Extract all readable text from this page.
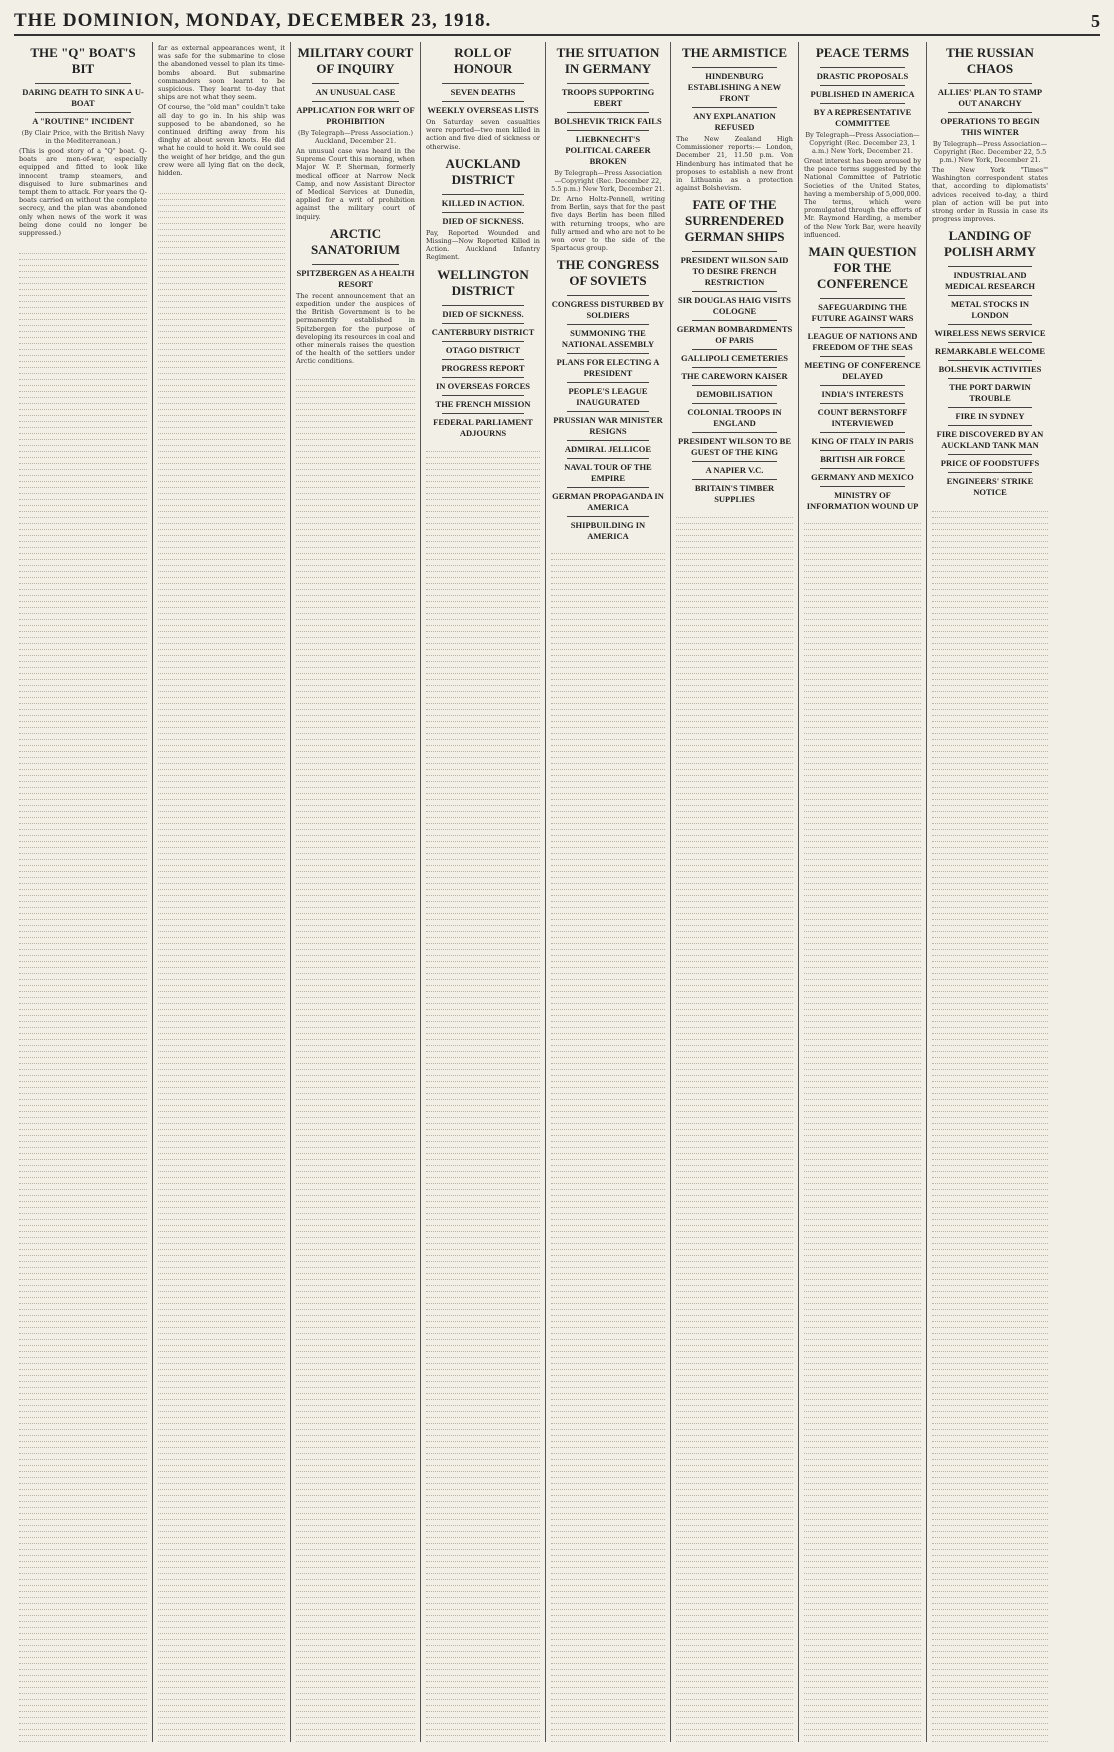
THE DOMINION, MONDAY, DECEMBER 23, 1918.	5
THE "Q" BOAT'S BIT
DARING DEATH TO SINK A U-BOAT
A "ROUTINE" INCIDENT
(By Clair Price, with the British Navy in the Mediterranean.)
(This is good story of a "Q" boat. Q-boats are men-of-war, especially equipped and fitted to look like innocent tramp steamers, and disguised to lure submarines and tempt them to attack. For years the Q-boats carried on without the complete secrecy, and the plan was abandoned only when news of the work it was being done could no longer be suppressed.)
far as external appearances went, it was safe for the submarine to close the abandoned vessel to plan its time-bombs aboard. But submarine commanders soon learnt to be suspicious. They learnt to-day that ships are not what they seem.
Of course, the "old man" couldn't take all day to go in. In his ship was supposed to be abandoned, so he continued drifting away from his dinghy at about seven knots. He did what he could to hold it. We could see the weight of her bridge, and the gun crew were all lying flat on the deck, hidden.
MILITARY COURT OF INQUIRY
AN UNUSUAL CASE
APPLICATION FOR WRIT OF PROHIBITION
(By Telegraph—Press Association.) Auckland, December 21.
An unusual case was heard in the Supreme Court this morning, when Major W. P. Sherman, formerly medical officer at Narrow Neck Camp, and now Assistant Director of Medical Services at Dunedin, applied for a writ of prohibition against the military court of inquiry.
ARCTIC SANATORIUM
SPITZBERGEN AS A HEALTH RESORT
The recent announcement that an expedition under the auspices of the British Government is to be permanently established in Spitzbergen for the purpose of developing its resources in coal and other minerals raises the question of the health of the settlers under Arctic conditions.
ROLL OF HONOUR
SEVEN DEATHS
WEEKLY OVERSEAS LISTS
On Saturday seven casualties were reported—two men killed in action and five died of sickness or otherwise.
AUCKLAND DISTRICT
KILLED IN ACTION.
DIED OF SICKNESS.
Pay, Reported Wounded and Missing—Now Reported Killed in Action. Auckland Infantry Regiment.
WELLINGTON DISTRICT
DIED OF SICKNESS.
CANTERBURY DISTRICT
OTAGO DISTRICT
PROGRESS REPORT
IN OVERSEAS FORCES
THE FRENCH MISSION
FEDERAL PARLIAMENT ADJOURNS
THE SITUATION IN GERMANY
TROOPS SUPPORTING EBERT
BOLSHEVIK TRICK FAILS
LIEBKNECHT'S POLITICAL CAREER BROKEN
By Telegraph—Press Association—Copyright (Rec. December 22, 5.5 p.m.) New York, December 21.
Dr. Arno Holtz-Pennell, writing from Berlin, says that for the past five days Berlin has been filled with returning troops, who are fully armed and who are not to be won over to the side of the Spartacus group.
THE CONGRESS OF SOVIETS
CONGRESS DISTURBED BY SOLDIERS
SUMMONING THE NATIONAL ASSEMBLY
PLANS FOR ELECTING A PRESIDENT
PEOPLE'S LEAGUE INAUGURATED
PRUSSIAN WAR MINISTER RESIGNS
ADMIRAL JELLICOE
NAVAL TOUR OF THE EMPIRE
GERMAN PROPAGANDA IN AMERICA
SHIPBUILDING IN AMERICA
THE ARMISTICE
HINDENBURG ESTABLISHING A NEW FRONT
ANY EXPLANATION REFUSED
The New Zealand High Commissioner reports:— London, December 21, 11.50 p.m. Von Hindenburg has intimated that he proposes to establish a new front in Lithuania as a protection against Bolshevism.
FATE OF THE SURRENDERED GERMAN SHIPS
PRESIDENT WILSON SAID TO DESIRE FRENCH RESTRICTION
SIR DOUGLAS HAIG VISITS COLOGNE
GERMAN BOMBARDMENTS OF PARIS
GALLIPOLI CEMETERIES
THE CAREWORN KAISER
DEMOBILISATION
COLONIAL TROOPS IN ENGLAND
PRESIDENT WILSON TO BE GUEST OF THE KING
A NAPIER V.C.
BRITAIN'S TIMBER SUPPLIES
PEACE TERMS
DRASTIC PROPOSALS
PUBLISHED IN AMERICA
BY A REPRESENTATIVE COMMITTEE
By Telegraph—Press Association—Copyright (Rec. December 23, 1 a.m.) New York, December 21.
Great interest has been aroused by the peace terms suggested by the National Committee of Patriotic Societies of the United States, having a membership of 5,000,000. The terms, which were promulgated through the efforts of Mr. Raymond Harding, a member of the New York Bar, were heavily influenced.
MAIN QUESTION FOR THE CONFERENCE
SAFEGUARDING THE FUTURE AGAINST WARS
LEAGUE OF NATIONS AND FREEDOM OF THE SEAS
MEETING OF CONFERENCE DELAYED
INDIA'S INTERESTS
COUNT BERNSTORFF INTERVIEWED
KING OF ITALY IN PARIS
BRITISH AIR FORCE
GERMANY AND MEXICO
MINISTRY OF INFORMATION WOUND UP
THE RUSSIAN CHAOS
ALLIES' PLAN TO STAMP OUT ANARCHY
OPERATIONS TO BEGIN THIS WINTER
By Telegraph—Press Association—Copyright (Rec. December 22, 5.5 p.m.) New York, December 21.
The New York "Times'" Washington correspondent states that, according to diplomatists' advices received to-day, a third plan of action will be put into strong order in Russia in case its progress improves.
LANDING OF POLISH ARMY
INDUSTRIAL AND MEDICAL RESEARCH
METAL STOCKS IN LONDON
WIRELESS NEWS SERVICE
REMARKABLE WELCOME
BOLSHEVIK ACTIVITIES
THE PORT DARWIN TROUBLE
FIRE IN SYDNEY
FIRE DISCOVERED BY AN AUCKLAND TANK MAN
PRICE OF FOODSTUFFS
ENGINEERS' STRIKE NOTICE
